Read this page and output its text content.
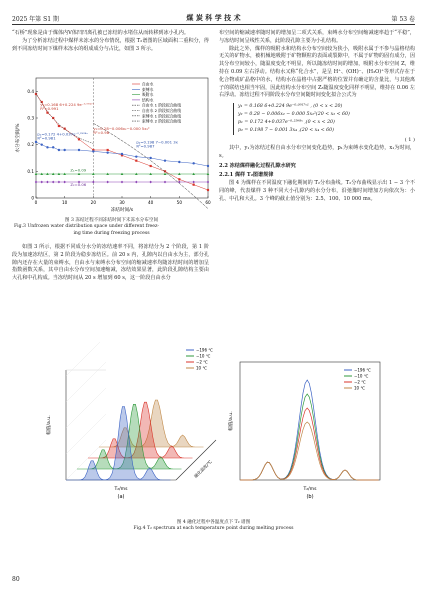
2025 年第 S1 期	煤 炭 科 学 技 术	第 53 卷

“石桥”现象是由于煤体内V体凹凹离孔被已冻结的水堵住从而转移到冰小孔内。

为了分析冻结过程中煤样未冻水的分布情况，根据 T₂谱图的区域面积二重积分，得到不同冻结时间下煤样未冻水的组成成分与占比，如图 3 所示。

0
0.1
0.2
0.3
0.4
0	10	20	30	40	50	60
冻结时间/s
水分布空间/%
自由水
束缚水
吸附水
结构水
自由水 1 阶段拟合曲线
自由水 2 阶段拟合曲线
束缚水 1 阶段拟合曲线
束缚水 2 阶段拟合曲线
y₁=0.168 6+0.224 9e⁻⁰·⁰⁹¹⁷ˣ
R²=0.991
p₁=0.172 4+0.037e⁻⁰·²⁵⁶⁸ˣ
R²=0.981
y₂=0.28−0.006x₂−0.000 5x₂²
R²=0.98
p₂=0.198 7−0.001 3x
R²=0.987
Z₁=0.09
Z₂=0.06
图 3 冻结过程不同冻结时间下未冻水分布空间
Fig.3 Unfrozen water distribution space under different freez-
ing time during freezing process

如图 3 所示，根据不同成分水分的冻结速率不同，将冻结分为 2 个阶段，第 1 阶段为加速冻结区，第 2 阶段为稳步冻结区。前 20 s 内，孔隙内以自由水为主，部分孔隙内还存在大量的束缚水，自由水与束缚水分布空间的缩减速率均随冻结时间的增加呈指数函数关系，其中自由水分布空间加速缩减，冻结效果显著，此阶段孔隙结构主要由大孔和中孔构成。当冻结时间从 20 s 增加到 60 s，这一阶段自由水分

布空间的缩减速率随时间的增加呈二项式关系，束缚水分布空间缩减速率趋于“平稳”，与冻结时间呈线性关系，此阶段孔隙主要为小孔结构。

除此之外，煤样的吸附水和结构水分布空间较为狭小，吸附水属于不参与晶格结构无关的矿物水，被机械地吸附于矿物颗粒的表面或裂隙中，不属于矿物的固有成分，因其分布空间较小，随温度变化不明显，所以随冻结时间的增加，吸附水分布空间 Z，维持在 0.09 左右浮动。结构水又称“化合水”，是呈 H⁺、(OH)⁻、(H₃O)⁺等形式存在于化合物或矿晶格中的水，结构水在晶格中占据严格的位置并有确定的含量比，与其他离子的联结也相当牢固，因此结构水分布空间 Z₃随温度变化同样不明显，维持在 0.06 左右浮动。冻结过程不同阶段水分布空间随时间变化拟合公式为

y₁ = 0.168 6+0.224 9e⁻⁰·⁰⁹¹⁷ˣ¹ , (0 < x < 20)
y₂ = 0.28 − 0.006x₂ − 0.000 5x₂²(20 < x₂ < 60)
p₁ = 0.172 4+0.037e⁻⁰·²⁵⁶⁸ˣ ,(0 < x < 20)
p₂ = 0.198 7 − 0.001 3x₄ ,(20 < x₄ < 60)
( 1 )

其中，y₁为冻结过程自由水分布空间变化趋势，p₁为束缚水变化趋势，x₁为时间，s。

2.2 冻结煤样融化过程孔隙水研究

2.2.1 煤样 T₂图谱规律

图 4 为煤样在不同温度下融化期间的 T₂分布曲线。T₂分布曲线显示出 1 − 3 个不同的峰，代表煤样 3 种不同大小孔隙内的水分分布，沿弛豫时间增加方向依次为：小孔、中孔和大孔。3 个峰的截止值分别为：2.5、100、10 000 ms。

幅值/a.u.
T₂/ms
融化温度/℃
(a)
−196 ℃
−10 ℃
−2 ℃
10 ℃
幅值/a.u.
T₂/ms
(b)
−196 ℃
−10 ℃
−2 ℃
10 ℃
图 4 融化过程中各温度点下 T₂ 谱图
Fig.4 T₂ spectrum at each temperature point during melting process
80
